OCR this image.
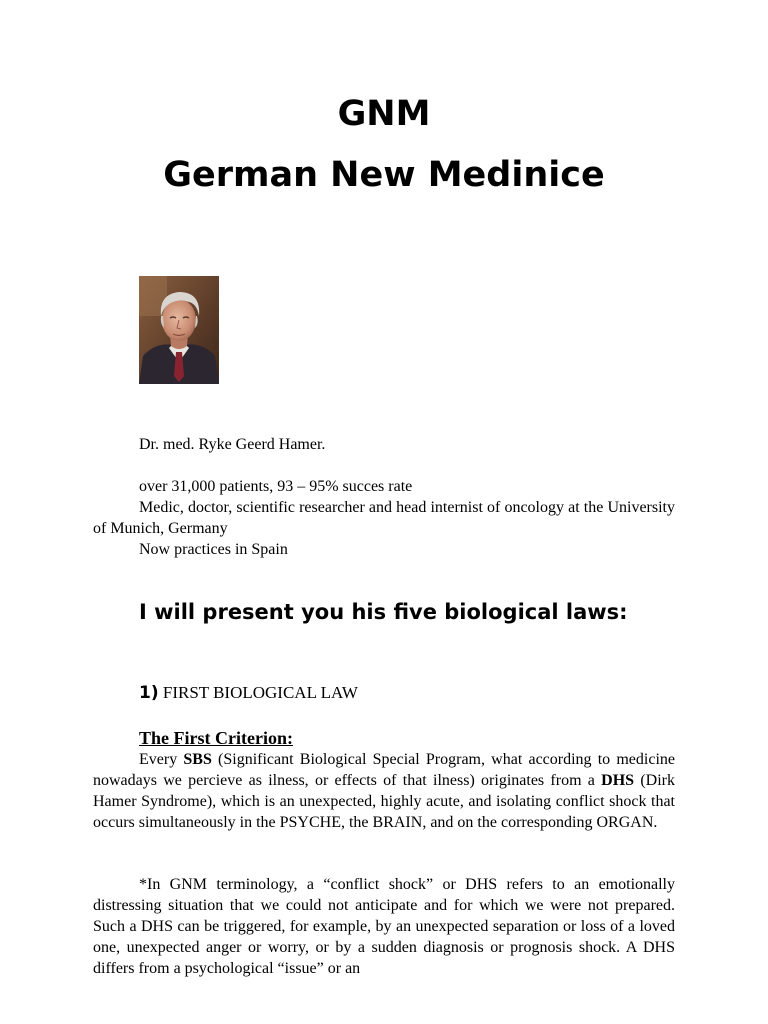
GNM
German New Medinice
Dr. med. Ryke Geerd Hamer.
over 31,000 patients, 93 – 95% succes rate
Medic, doctor, scientific researcher and head internist of oncology at the University of Munich, Germany
Now practices in Spain
I will present you his five biological laws:
1) FIRST BIOLOGICAL LAW
The First Criterion:
Every SBS (Significant Biological Special Program, what according to medicine nowadays we percieve as ilness, or effects of that ilness) originates from a DHS (Dirk Hamer Syndrome), which is an unexpected, highly acute, and isolating conflict shock that occurs simultaneously in the PSYCHE, the BRAIN, and on the corresponding ORGAN.
*In GNM terminology, a “conflict shock” or DHS refers to an emotionally distressing situation that we could not anticipate and for which we were not prepared. Such a DHS can be triggered, for example, by an unexpected separation or loss of a loved one, unexpected anger or worry, or by a sudden diagnosis or prognosis shock. A DHS differs from a psychological “issue” or an
